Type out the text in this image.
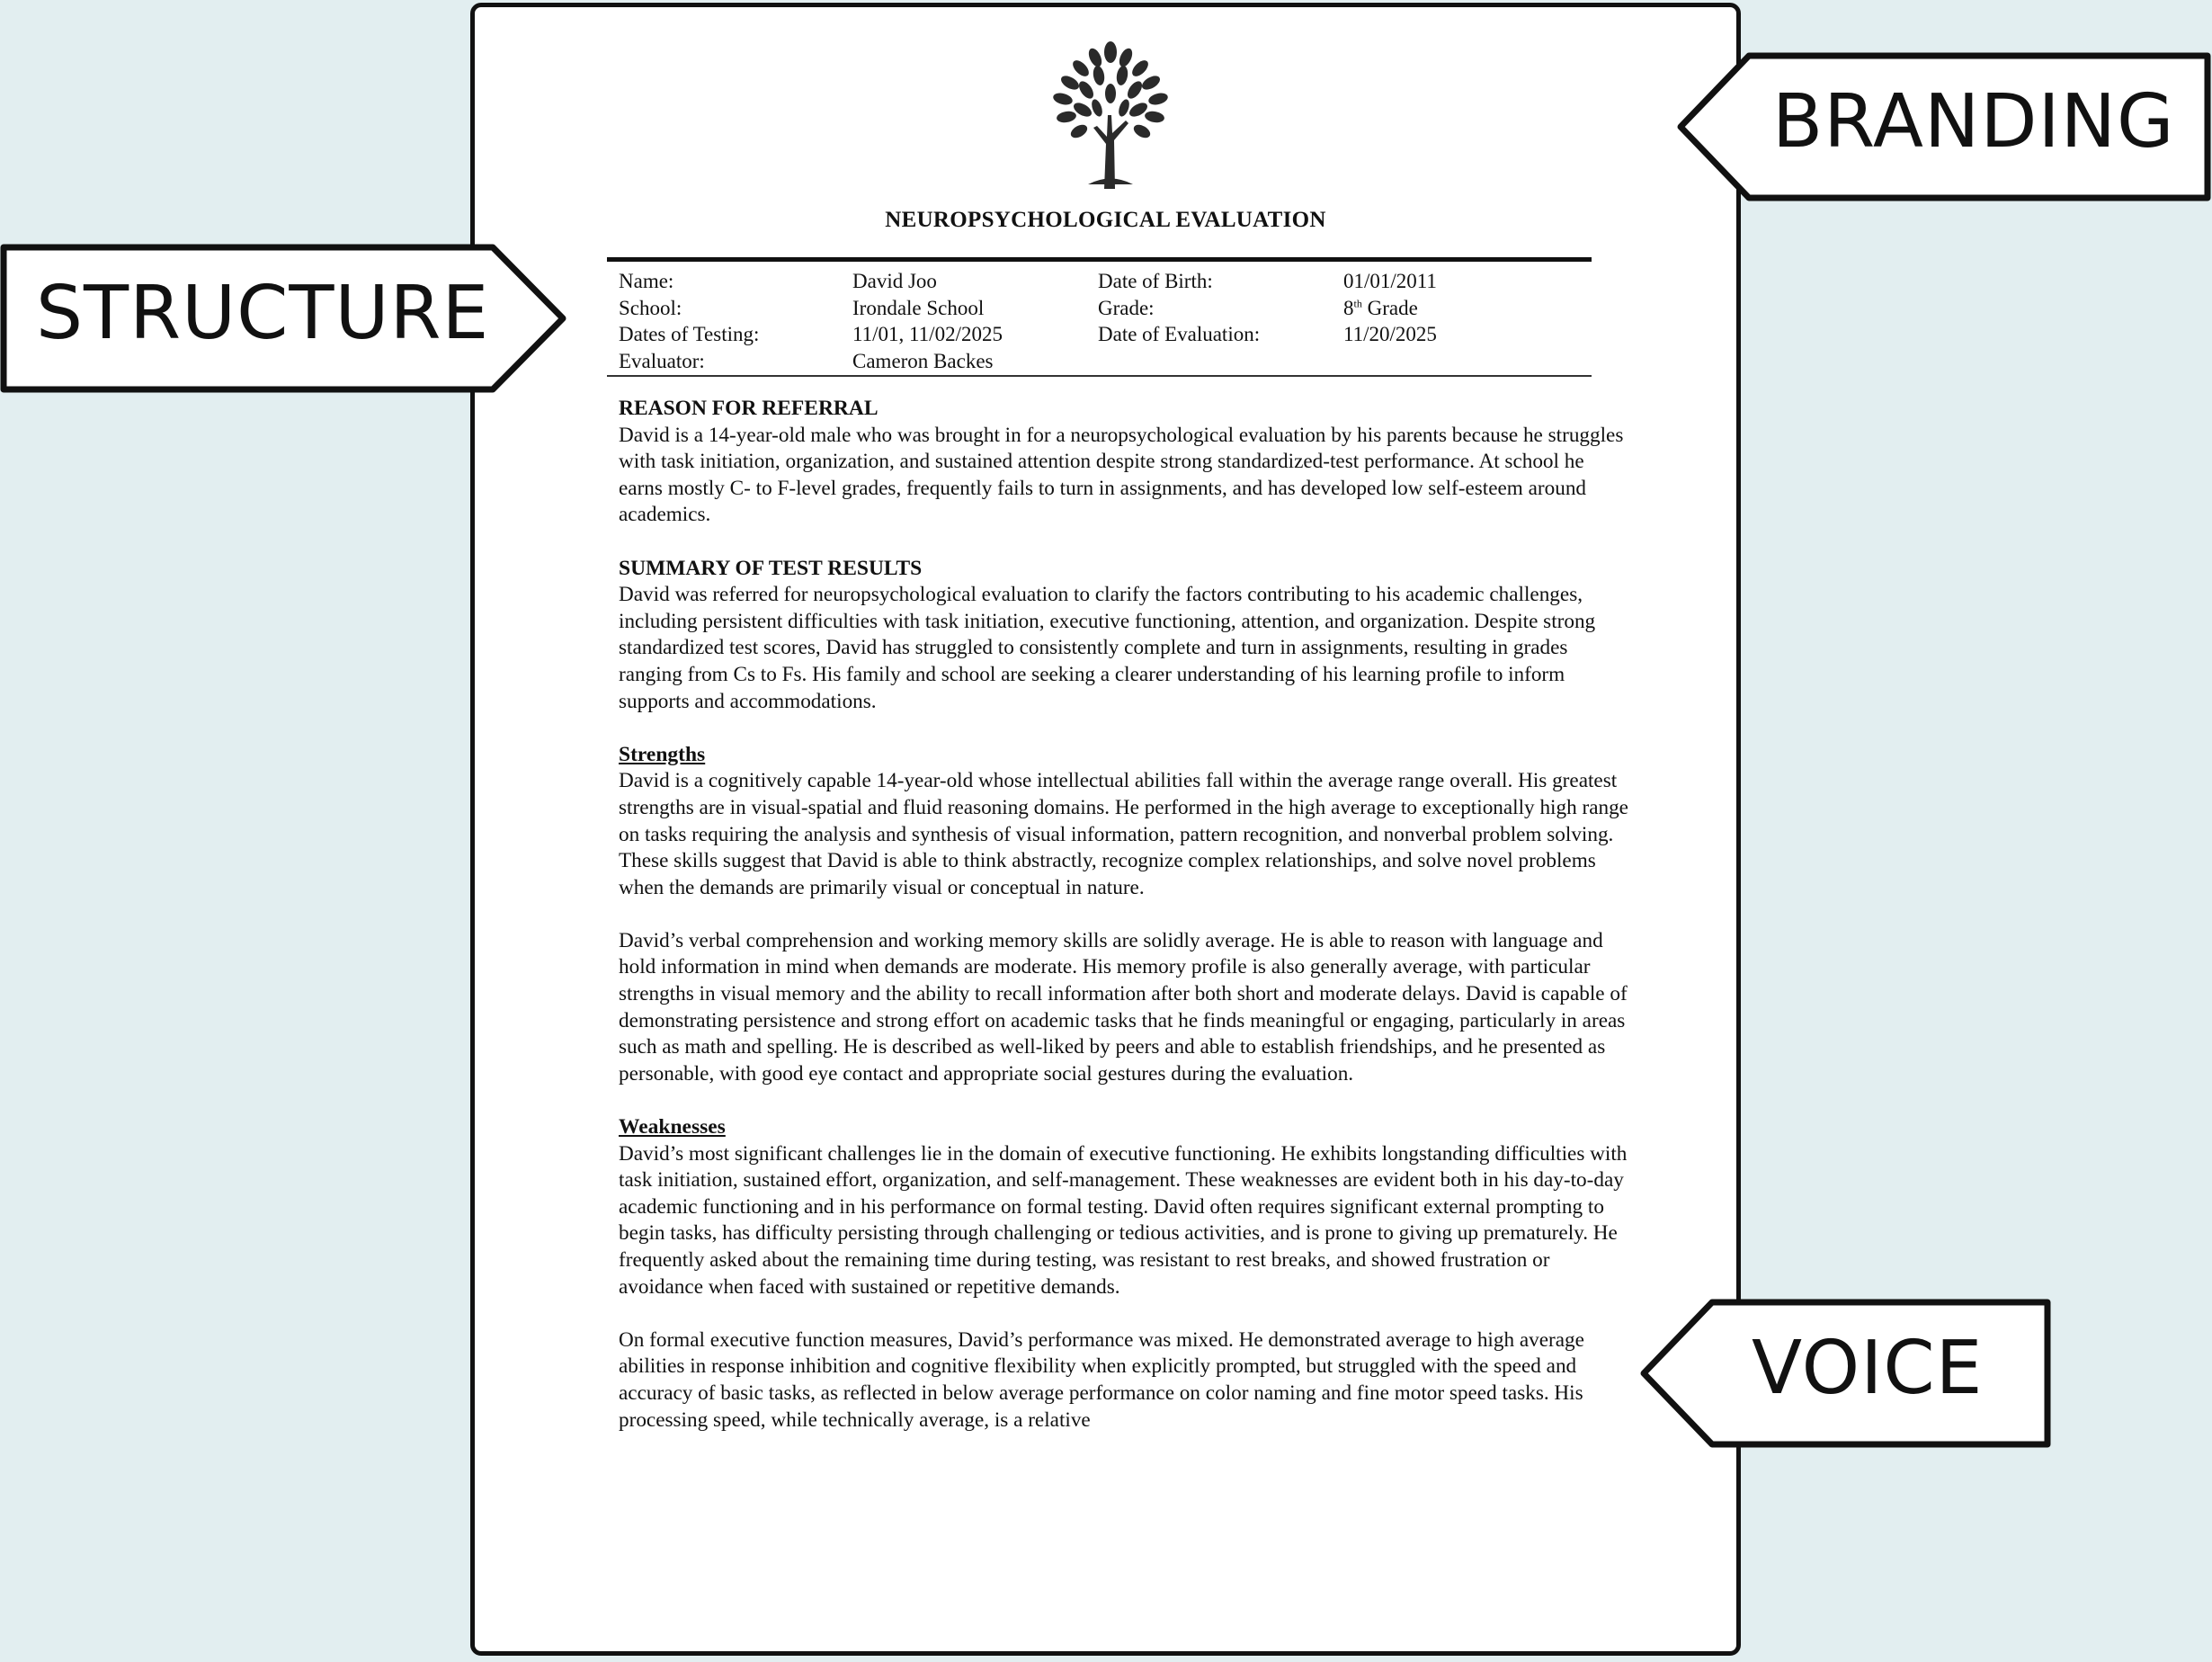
NEUROPSYCHOLOGICAL EVALUATION
Name:	David Joo	Date of Birth:	01/01/2011
School:	Irondale School	Grade:	8th Grade
Dates of Testing:	11/01, 11/02/2025	Date of Evaluation:	11/20/2025
Evaluator:	Cameron Backes
REASON FOR REFERRAL

David is a 14-year-old male who was brought in for a neuropsychological evaluation by his parents because he struggles with task initiation, organization, and sustained attention despite strong standardized-test performance. At school he earns mostly C- to F-level grades, frequently fails to turn in assignments, and has developed low self-esteem around academics.

SUMMARY OF TEST RESULTS

David was referred for neuropsychological evaluation to clarify the factors contributing to his academic challenges, including persistent difficulties with task initiation, executive functioning, attention, and organization. Despite strong standardized test scores, David has struggled to consistently complete and turn in assignments, resulting in grades ranging from Cs to Fs. His family and school are seeking a clearer understanding of his learning profile to inform supports and accommodations.

Strengths

David is a cognitively capable 14-year-old whose intellectual abilities fall within the average range overall. His greatest strengths are in visual-spatial and fluid reasoning domains. He performed in the high average to exceptionally high range on tasks requiring the analysis and synthesis of visual information, pattern recognition, and nonverbal problem solving. These skills suggest that David is able to think abstractly, recognize complex relationships, and solve novel problems when the demands are primarily visual or conceptual in nature.

David’s verbal comprehension and working memory skills are solidly average. He is able to reason with language and hold information in mind when demands are moderate. His memory profile is also generally average, with particular strengths in visual memory and the ability to recall information after both short and moderate delays. David is capable of demonstrating persistence and strong effort on academic tasks that he finds meaningful or engaging, particularly in areas such as math and spelling. He is described as well-liked by peers and able to establish friendships, and he presented as personable, with good eye contact and appropriate social gestures during the evaluation.

Weaknesses

David’s most significant challenges lie in the domain of executive functioning. He exhibits longstanding difficulties with task initiation, sustained effort, organization, and self-management. These weaknesses are evident both in his day-to-day academic functioning and in his performance on formal testing. David often requires significant external prompting to begin tasks, has difficulty persisting through challenging or tedious activities, and is prone to giving up prematurely. He frequently asked about the remaining time during testing, was resistant to rest breaks, and showed frustration or avoidance when faced with sustained or repetitive demands.

On formal executive function measures, David’s performance was mixed. He demonstrated average to high average abilities in response inhibition and cognitive flexibility when explicitly prompted, but struggled with the speed and accuracy of basic tasks, as reflected in below average performance on color naming and fine motor speed tasks. His processing speed, while technically average, is a relative

BRANDING
STRUCTURE
VOICE
